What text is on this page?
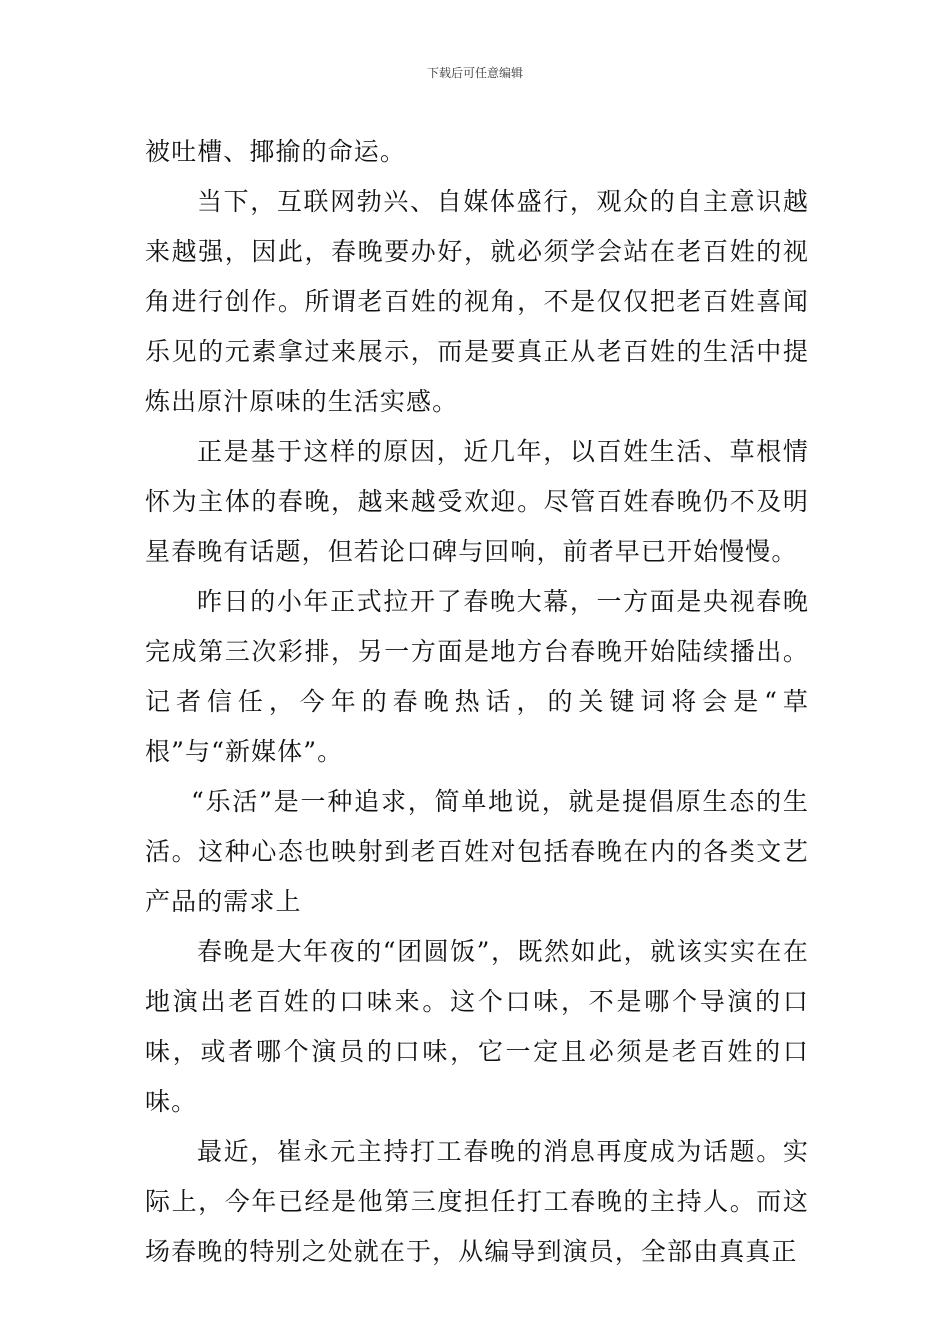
下载后可任意编辑

被吐槽、揶揄的命运。

当下，互联网勃兴、自媒体盛行，观众的自主意识越来越强，因此，春晚要办好，就必须学会站在老百姓的视角进行创作。所谓老百姓的视角，不是仅仅把老百姓喜闻乐见的元素拿过来展示，而是要真正从老百姓的生活中提炼出原汁原味的生活实感。

正是基于这样的原因，近几年，以百姓生活、草根情怀为主体的春晚，越来越受欢迎。尽管百姓春晚仍不及明星春晚有话题，但若论口碑与回响，前者早已开始慢慢。

昨日的小年正式拉开了春晚大幕，一方面是央视春晚完成第三次彩排，另一方面是地方台春晚开始陆续播出。记者信任，今年的春晚热话，的关键词将会是“草根”与“新媒体”。

“乐活”是一种追求，简单地说，就是提倡原生态的生活。这种心态也映射到老百姓对包括春晚在内的各类文艺产品的需求上

春晚是大年夜的“团圆饭”，既然如此，就该实实在在地演出老百姓的口味来。这个口味，不是哪个导演的口味，或者哪个演员的口味，它一定且必须是老百姓的口味。

最近，崔永元主持打工春晚的消息再度成为话题。实际上，今年已经是他第三度担任打工春晚的主持人。而这场春晚的特别之处就在于，从编导到演员，全部由真真正
